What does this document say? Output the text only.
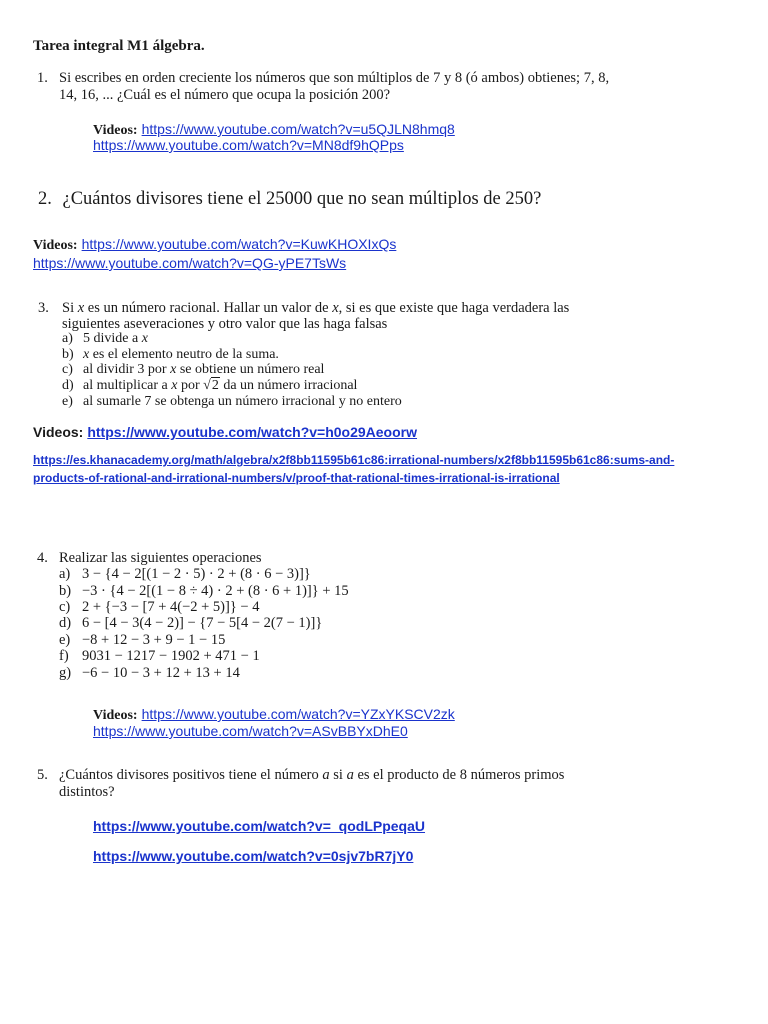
Tarea integral M1 álgebra.
1. Si escribes en orden creciente los números que son múltiplos de 7 y 8 (ó ambos) obtienes; 7, 8,
14, 16, ... ¿Cuál es el número que ocupa la posición 200?
Videos: https://www.youtube.com/watch?v=u5QJLN8hmq8
https://www.youtube.com/watch?v=MN8df9hQPps
2. ¿Cuántos divisores tiene el 25000 que no sean múltiplos de 250?
Videos: https://www.youtube.com/watch?v=KuwKHOXIxQs
https://www.youtube.com/watch?v=QG-yPE7TsWs
3. Si x es un número racional. Hallar un valor de x, si es que existe que haga verdadera las
siguientes aseveraciones y otro valor que las haga falsas
a) 5 divide a x
b) x es el elemento neutro de la suma.
c) al dividir 3 por x se obtiene un número real
d) al multiplicar a x por √2 da un número irracional
e) al sumarle 7 se obtenga un número irracional y no entero
Videos: https://www.youtube.com/watch?v=h0o29Aeoorw
https://es.khanacademy.org/math/algebra/x2f8bb11595b61c86:irrational-numbers/x2f8bb11595b61c86:sums-and-
products-of-rational-and-irrational-numbers/v/proof-that-rational-times-irrational-is-irrational
4. Realizar las siguientes operaciones
a) 3 − {4 − 2[(1 − 2 · 5) · 2 + (8 · 6 − 3)]}
b) −3 · {4 − 2[(1 − 8 ÷ 4) · 2 + (8 · 6 + 1)]} + 15
c) 2 + {−3 − [7 + 4(−2 + 5)]} − 4
d) 6 − [4 − 3(4 − 2)] − {7 − 5[4 − 2(7 − 1)]}
e) −8 + 12 − 3 + 9 − 1 − 15
f) 9031 − 1217 − 1902 + 471 − 1
g) −6 − 10 − 3 + 12 + 13 + 14
Videos: https://www.youtube.com/watch?v=YZxYKSCV2zk
https://www.youtube.com/watch?v=ASvBBYxDhE0
5. ¿Cuántos divisores positivos tiene el número a si a es el producto de 8 números primos
distintos?
https://www.youtube.com/watch?v=_qodLPpeqaU
https://www.youtube.com/watch?v=0sjv7bR7jY0
